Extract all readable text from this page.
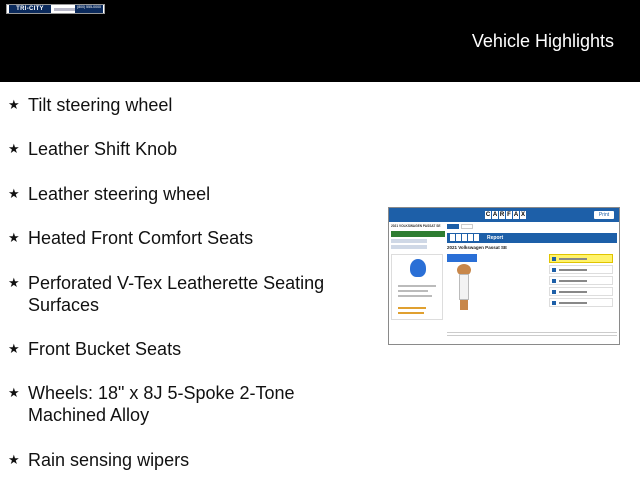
TRI-CITY	(800) 555-0000
Vehicle Highlights
★ Tilt steering wheel
★ Leather Shift Knob
★ Leather steering wheel
★ Heated Front Comfort Seats
★ Perforated V-Tex Leatherette Seating Surfaces
★ Front Bucket Seats
★ Wheels: 18" x 8J 5-Spoke 2-Tone Machined Alloy
★ Rain sensing wipers
C A R F A X	Print
2021 VOLKSWAGEN PASSAT SE
Report
2021 Volkswagen Passat SE
